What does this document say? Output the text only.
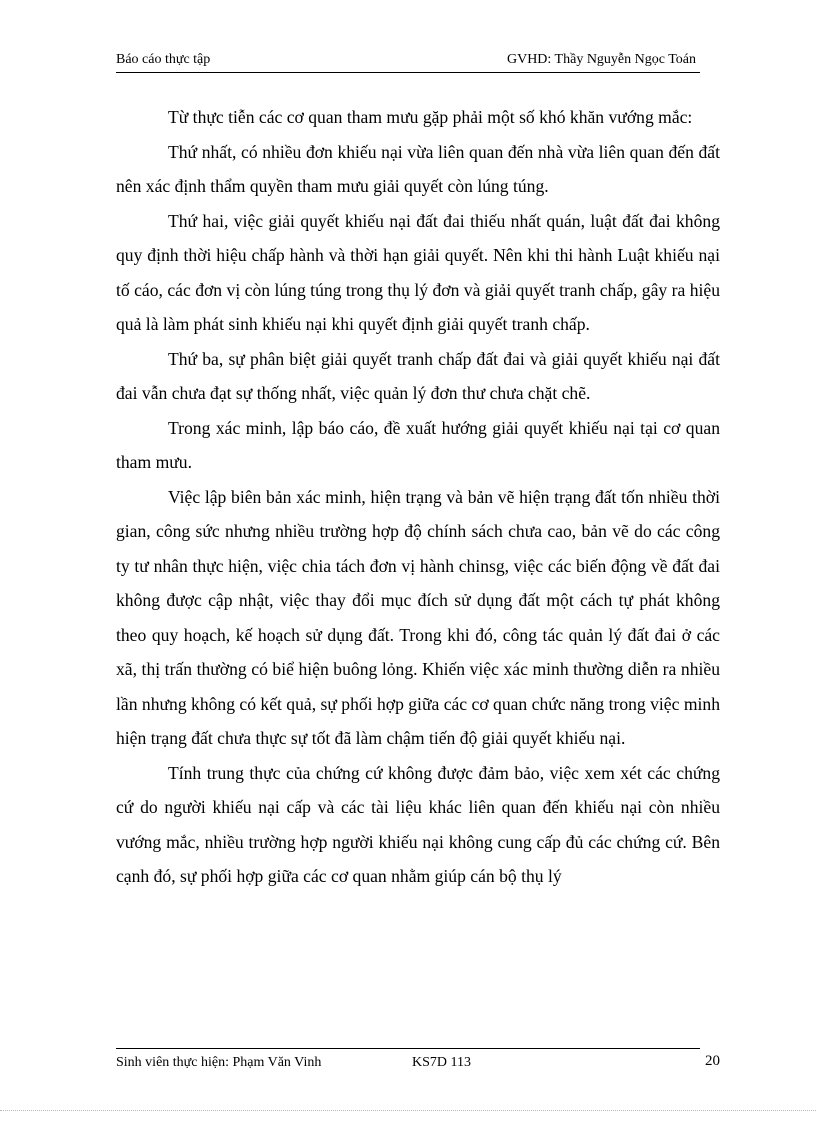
Báo cáo thực tập	GVHD: Thầy Nguyễn Ngọc Toán

Từ thực tiễn các cơ quan tham mưu gặp phải một số khó khăn vướng mắc:

Thứ nhất, có nhiều đơn khiếu nại vừa liên quan đến nhà vừa liên quan đến đất nên xác định thẩm quyền tham mưu giải quyết còn lúng túng.

Thứ hai, việc giải quyết khiếu nại đất đai thiếu nhất quán, luật đất đai không quy định thời hiệu chấp hành và thời hạn giải quyết. Nên khi thi hành Luật khiếu nại tố cáo, các đơn vị còn lúng túng trong thụ lý đơn và giải quyết tranh chấp, gây ra hiệu quả là làm phát sinh khiếu nại khi quyết định giải quyết tranh chấp.

Thứ ba, sự phân biệt giải quyết tranh chấp đất đai và giải quyết khiếu nại đất đai vẫn chưa đạt sự thống nhất, việc quản lý đơn thư chưa chặt chẽ.

Trong xác minh, lập báo cáo, đề xuất hướng giải quyết khiếu nại tại cơ quan tham mưu.

Việc lập biên bản xác minh, hiện trạng và bản vẽ hiện trạng đất tốn nhiều thời gian, công sức nhưng nhiều trường hợp độ chính sách chưa cao, bản vẽ do các công ty tư nhân thực hiện, việc chia tách đơn vị hành chinsg, việc các biến động về đất đai không được cập nhật, việc thay đổi mục đích sử dụng đất một cách tự phát không theo quy hoạch, kế hoạch sử dụng đất. Trong khi đó, công tác quản lý đất đai ở các xã, thị trấn thường có biể hiện buông lỏng. Khiến việc xác minh thường diễn ra nhiều lần nhưng không có kết quả, sự phối hợp giữa các cơ quan chức năng trong việc minh hiện trạng đất chưa thực sự tốt đã làm chậm tiến độ giải quyết khiếu nại.

Tính trung thực của chứng cứ không được đảm bảo, việc xem xét các chứng cứ do người khiếu nại cấp và các tài liệu khác liên quan đến khiếu nại còn nhiều vướng mắc, nhiều trường hợp người khiếu nại không cung cấp đủ các chứng cứ. Bên cạnh đó, sự phối hợp giữa các cơ quan nhằm giúp cán bộ thụ lý

Sinh viên thực hiện: Phạm Văn Vinh	KS7D 113	20
